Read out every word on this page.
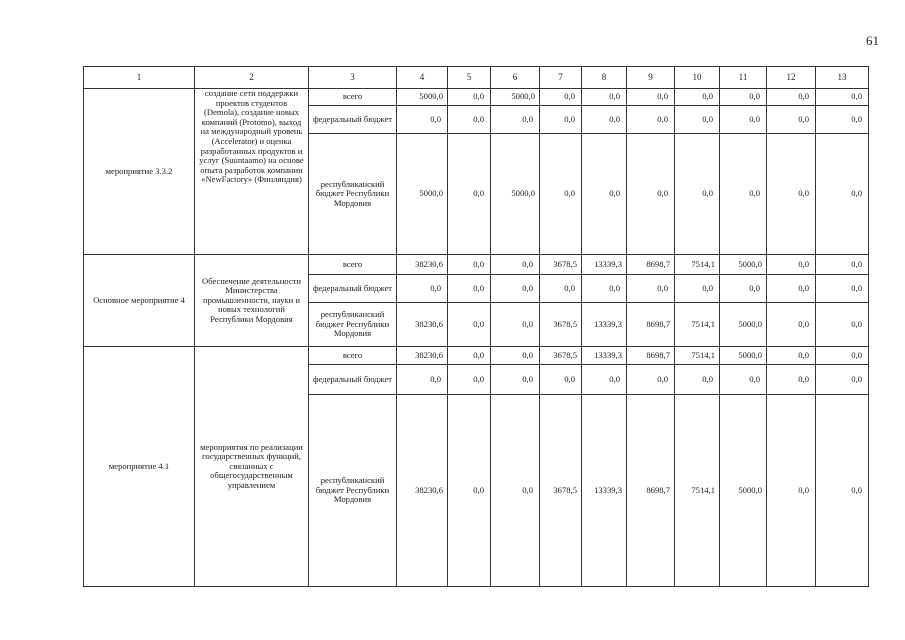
61
1	2	3	4	5	6	7	8	9	10	11	12	13
мероприятие 3.3.2	создание сети поддержки проектов студентов (Demola), создание новых компаний (Protomo), выход на международный уровень (Accelerator) и оценка разработанных продуктов и услуг (Suuntaamo) на основе опыта разработок компании «NewFactory» (Финляндия)	всего	5000,0	0,0	5000,0	0,0	0,0	0,0	0,0	0,0	0,0	0,0
		федеральный бюджет	0,0	0,0	0,0	0,0	0,0	0,0	0,0	0,0	0,0	0,0
		республиканский бюджет Республики Мордовия	5000,0	0,0	5000,0	0,0	0,0	0,0	0,0	0,0	0,0	0,0
Основное мероприятие 4	Обеспечение деятельности Министерства промышленности, науки и новых технологий Республики Мордовия	всего	38230,6	0,0	0,0	3678,5	13339,3	8698,7	7514,1	5000,0	0,0	0,0
		федеральный бюджет	0,0	0,0	0,0	0,0	0,0	0,0	0,0	0,0	0,0	0,0
		республиканский бюджет Республики Мордовия	38230,6	0,0	0,0	3678,5	13339,3	8698,7	7514,1	5000,0	0,0	0,0
мероприятие 4.1	мероприятия по реализации государственных функций, связанных с общегосударственным управлением	всего	38230,6	0,0	0,0	3678,5	13339,3	8698,7	7514,1	5000,0	0,0	0,0
		федеральный бюджет	0,0	0,0	0,0	0,0	0,0	0,0	0,0	0,0	0,0	0,0
		республиканский бюджет Республики Мордовия	38230,6	0,0	0,0	3678,5	13339,3	8698,7	7514,1	5000,0	0,0	0,0
